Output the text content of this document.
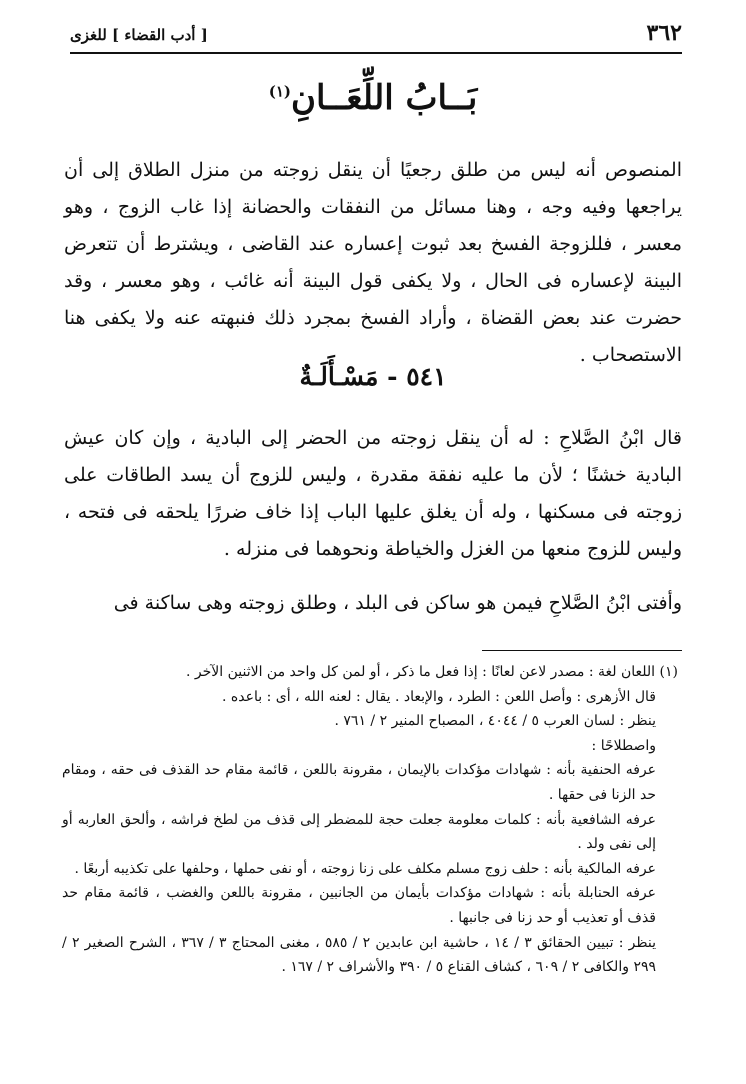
٣٦٢
[ أدب القضاء ] للغزى
بَــابُ اللِّعَــانِ$^{(١)}$

المنصوص أنه ليس من طلق رجعيًا أن ينقل زوجته من منزل الطلاق إلى أن يراجعها وفيه وجه ، وهنا مسائل من النفقات والحضانة إذا غاب الزوج ، وهو معسر ، فللزوجة الفسخ بعد ثبوت إعساره عند القاضى ، ويشترط أن تتعرض البينة لإعساره فى الحال ، ولا يكفى قول البينة أنه غائب ، وهو معسر ، وقد حضرت عند بعض القضاة ، وأراد الفسخ بمجرد ذلك فنبهته عنه ولا يكفى هنا الاستصحاب .

٥٤١ - مَسْـأَلَـةٌ

قال ابْنُ الصَّلاحِ : له أن ينقل زوجته من الحضر إلى البادية ، وإن كان عيش البادية خشنًا ؛ لأن ما عليه نفقة مقدرة ، وليس للزوج أن يسد الطاقات على زوجته فى مسكنها ، وله أن يغلق عليها الباب إذا خاف ضررًا يلحقه فى فتحه ، وليس للزوج منعها من الغزل والخياطة ونحوهما فى منزله .

وأفتى ابْنُ الصَّلاحِ فيمن هو ساكن فى البلد ، وطلق زوجته وهى ساكنة فى

(١) اللعان لغة : مصدر لاعن لعانًا : إذا فعل ما ذكر ، أو لمن كل واحد من الاثنين الآخر .
قال الأزهرى : وأصل اللعن : الطرد ، والإبعاد . يقال : لعنه الله ، أى : باعده .
ينظر : لسان العرب ٥ / ٤٠٤٤ ، المصباح المنير ٢ / ٧٦١ .
واصطلاحًا :
عرفه الحنفية بأنه : شهادات مؤكدات بالإيمان ، مقرونة باللعن ، قائمة مقام حد القذف فى حقه ، ومقام حد الزنا فى حقها .
عرفه الشافعية بأنه : كلمات معلومة جعلت حجة للمضطر إلى قذف من لطخ فراشه ، وألحق العاربه أو إلى نفى ولد .
عرفه المالكية بأنه : حلف زوج مسلم مكلف على زنا زوجته ، أو نفى حملها ، وحلفها على تكذيبه أربعًا .
عرفه الحنابلة بأنه : شهادات مؤكدات بأيمان من الجانبين ، مقرونة باللعن والغضب ، قائمة مقام حد قذف أو تعذيب أو حد زنا فى جانبها .
ينظر : تبيين الحقائق ٣ / ١٤ ، حاشية ابن عابدين ٢ / ٥٨٥ ، مغنى المحتاج ٣ / ٣٦٧ ، الشرح الصغير ٢ / ٢٩٩ والكافى ٢ / ٦٠٩ ، كشاف القناع ٥ / ٣٩٠ والأشراف ٢ / ١٦٧ .
